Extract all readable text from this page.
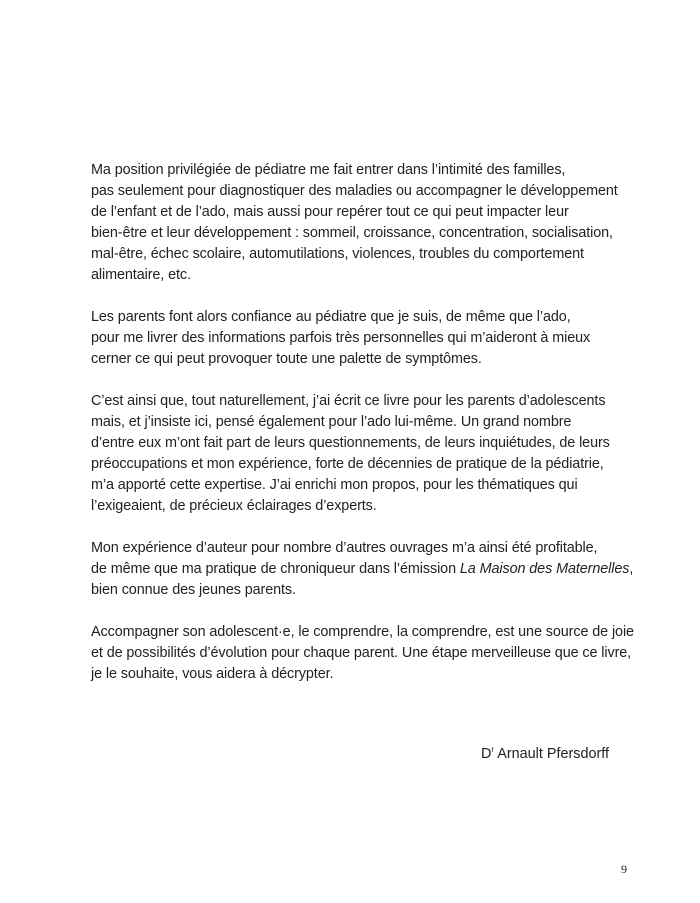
Ma position privilégiée de pédiatre me fait entrer dans l’intimité des familles,
pas seulement pour diagnostiquer des maladies ou accompagner le développement
de l’enfant et de l’ado, mais aussi pour repérer tout ce qui peut impacter leur
bien-être et leur développement : sommeil, croissance, concentration, socialisation,
mal-être, échec scolaire, automutilations, violences, troubles du comportement
alimentaire, etc.

Les parents font alors confiance au pédiatre que je suis, de même que l’ado,
pour me livrer des informations parfois très personnelles qui m’aideront à mieux
cerner ce qui peut provoquer toute une palette de symptômes.

C’est ainsi que, tout naturellement, j’ai écrit ce livre pour les parents d’adolescents
mais, et j’insiste ici, pensé également pour l’ado lui-même. Un grand nombre
d’entre eux m’ont fait part de leurs questionnements, de leurs inquiétudes, de leurs
préoccupations et mon expérience, forte de décennies de pratique de la pédiatrie,
m’a apporté cette expertise. J’ai enrichi mon propos, pour les thématiques qui
l’exigeaient, de précieux éclairages d’experts.

Mon expérience d’auteur pour nombre d’autres ouvrages m’a ainsi été profitable,
de même que ma pratique de chroniqueur dans l’émission La Maison des Maternelles,
bien connue des jeunes parents.

Accompagner son adolescent·e, le comprendre, la comprendre, est une source de joie
et de possibilités d’évolution pour chaque parent. Une étape merveilleuse que ce livre,
je le souhaite, vous aidera à décrypter.

$D^r$ Arnault Pfersdorff
9
